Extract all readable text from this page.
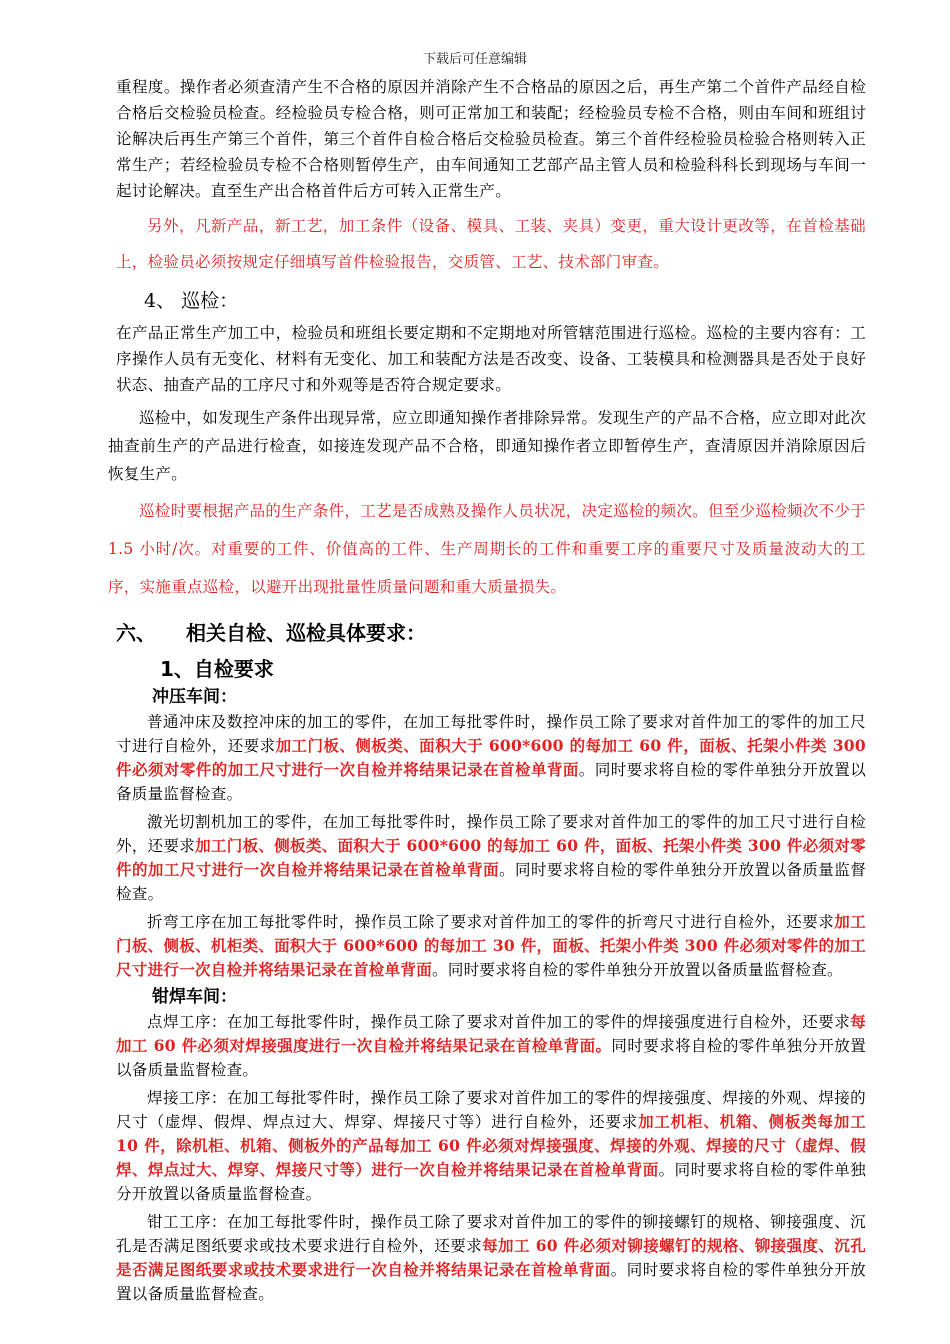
下载后可任意编辑

重程度。操作者必须查清产生不合格的原因并消除产生不合格品的原因之后，再生产第二个首件产品经自检合格后交检验员检查。经检验员专检合格，则可正常加工和装配；经检验员专检不合格，则由车间和班组讨论解决后再生产第三个首件，第三个首件自检合格后交检验员检查。第三个首件经检验员检验合格则转入正常生产；若经检验员专检不合格则暂停生产，由车间通知工艺部产品主管人员和检验科科长到现场与车间一起讨论解决。直至生产出合格首件后方可转入正常生产。

另外，凡新产品，新工艺，加工条件（设备、模具、工装、夹具）变更，重大设计更改等，在首检基础上，检验员必须按规定仔细填写首件检验报告，交质管、工艺、技术部门审查。

4、 巡检：

在产品正常生产加工中，检验员和班组长要定期和不定期地对所管辖范围进行巡检。巡检的主要内容有：工序操作人员有无变化、材料有无变化、加工和装配方法是否改变、设备、工装模具和检测器具是否处于良好状态、抽查产品的工序尺寸和外观等是否符合规定要求。

巡检中，如发现生产条件出现异常，应立即通知操作者排除异常。发现生产的产品不合格，应立即对此次抽查前生产的产品进行检查，如接连发现产品不合格，即通知操作者立即暂停生产，查清原因并消除原因后恢复生产。

巡检时要根据产品的生产条件，工艺是否成熟及操作人员状况，决定巡检的频次。但至少巡检频次不少于 1.5 小时/次。对重要的工件、价值高的工件、生产周期长的工件和重要工序的重要尺寸及质量波动大的工序，实施重点巡检，以避开出现批量性质量问题和重大质量损失。

六、 相关自检、巡检具体要求：
1、自检要求
冲压车间：

普通冲床及数控冲床的加工的零件，在加工每批零件时，操作员工除了要求对首件加工的零件的加工尺寸进行自检外，还要求加工门板、侧板类、面积大于 600*600 的每加工 60 件，面板、托架小件类 300 件必须对零件的加工尺寸进行一次自检并将结果记录在首检单背面。同时要求将自检的零件单独分开放置以备质量监督检查。

激光切割机加工的零件，在加工每批零件时，操作员工除了要求对首件加工的零件的加工尺寸进行自检外，还要求加工门板、侧板类、面积大于 600*600 的每加工 60 件，面板、托架小件类 300 件必须对零件的加工尺寸进行一次自检并将结果记录在首检单背面。同时要求将自检的零件单独分开放置以备质量监督检查。

折弯工序在加工每批零件时，操作员工除了要求对首件加工的零件的折弯尺寸进行自检外，还要求加工门板、侧板、机柜类、面积大于 600*600 的每加工 30 件，面板、托架小件类 300 件必须对零件的加工尺寸进行一次自检并将结果记录在首检单背面。同时要求将自检的零件单独分开放置以备质量监督检查。

钳焊车间：

点焊工序：在加工每批零件时，操作员工除了要求对首件加工的零件的焊接强度进行自检外，还要求每加工 60 件必须对焊接强度进行一次自检并将结果记录在首检单背面。同时要求将自检的零件单独分开放置以备质量监督检查。

焊接工序：在加工每批零件时，操作员工除了要求对首件加工的零件的焊接强度、焊接的外观、焊接的尺寸（虚焊、假焊、焊点过大、焊穿、焊接尺寸等）进行自检外，还要求加工机柜、机箱、侧板类每加工 10 件，除机柜、机箱、侧板外的产品每加工 60 件必须对焊接强度、焊接的外观、焊接的尺寸（虚焊、假焊、焊点过大、焊穿、焊接尺寸等）进行一次自检并将结果记录在首检单背面。同时要求将自检的零件单独分开放置以备质量监督检查。

钳工工序：在加工每批零件时，操作员工除了要求对首件加工的零件的铆接螺钉的规格、铆接强度、沉孔是否满足图纸要求或技术要求进行自检外，还要求每加工 60 件必须对铆接螺钉的规格、铆接强度、沉孔是否满足图纸要求或技术要求进行一次自检并将结果记录在首检单背面。同时要求将自检的零件单独分开放置以备质量监督检查。
